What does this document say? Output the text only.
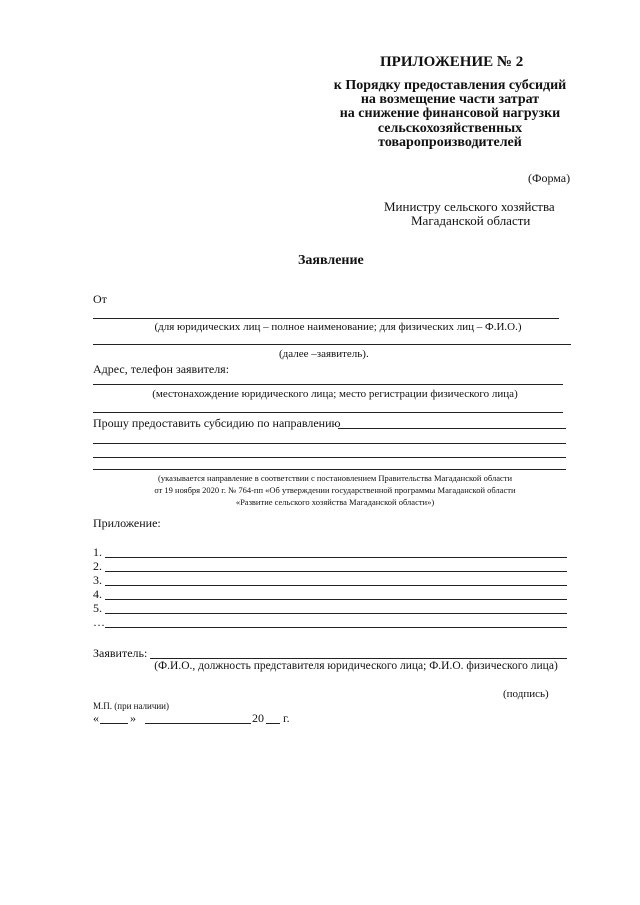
ПРИЛОЖЕНИЕ № 2
к Порядку предоставления субсидий
на возмещение части затрат
на снижение финансовой нагрузки
сельскохозяйственных
товаропроизводителей
(Форма)
Министру сельского хозяйства
Магаданской области
Заявление
От
(для юридических лиц – полное наименование; для физических лиц – Ф.И.О.)
(далее –заявитель).
Адрес, телефон заявителя:
(местонахождение юридического лица; место регистрации физического лица)
Прошу предоставить субсидию по направлению
(указывается направление в соответствии с постановлением Правительства Магаданской области
от 19 ноября 2020 г. № 764-пп «Об утверждении государственной программы Магаданской области
«Развитие сельского хозяйства Магаданской области»)
Приложение:
1.
2.
3.
4.
5.
…
Заявитель:
(Ф.И.О., должность представителя юридического лица; Ф.И.О. физического лица)
(подпись)
М.П. (при наличии)
«	»	20 г.
